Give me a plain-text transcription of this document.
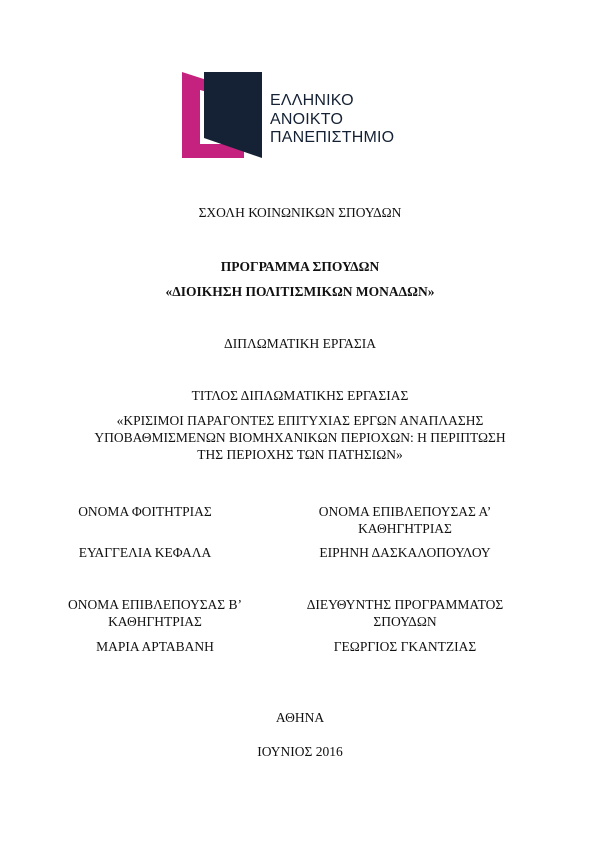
ΕΛΛΗΝΙΚΟ
ΑΝΟΙΚΤΟ
ΠΑΝΕΠΙΣΤΗΜΙΟ
ΣΧΟΛΗ ΚΟΙΝΩΝΙΚΩΝ ΣΠΟΥΔΩΝ
ΠΡΟΓΡΑΜΜΑ ΣΠΟΥΔΩΝ
«ΔΙΟΙΚΗΣΗ ΠΟΛΙΤΙΣΜΙΚΩΝ ΜΟΝΑΔΩΝ»
ΔΙΠΛΩΜΑΤΙΚΗ ΕΡΓΑΣΙΑ
ΤΙΤΛΟΣ ΔΙΠΛΩΜΑΤΙΚΗΣ ΕΡΓΑΣΙΑΣ
«ΚΡΙΣΙΜΟΙ ΠΑΡΑΓΟΝΤΕΣ ΕΠΙΤΥΧΙΑΣ ΕΡΓΩΝ ΑΝΑΠΛΑΣΗΣ
ΥΠΟΒΑΘΜΙΣΜΕΝΩΝ ΒΙΟΜΗΧΑΝΙΚΩΝ ΠΕΡΙΟΧΩΝ: Η ΠΕΡΙΠΤΩΣΗ
ΤΗΣ ΠΕΡΙΟΧΗΣ ΤΩΝ ΠΑΤΗΣΙΩΝ»
ΟΝΟΜΑ ΦΟΙΤΗΤΡΙΑΣ
ΕΥΑΓΓΕΛΙΑ ΚΕΦΑΛΑ
ΟΝΟΜΑ ΕΠΙΒΛΕΠΟΥΣΑΣ Β’
ΚΑΘΗΓΗΤΡΙΑΣ
ΜΑΡΙΑ ΑΡΤΑΒΑΝΗ
ΟΝΟΜΑ ΕΠΙΒΛΕΠΟΥΣΑΣ Α’
ΚΑΘΗΓΗΤΡΙΑΣ
ΕΙΡΗΝΗ ΔΑΣΚΑΛΟΠΟΥΛΟΥ
ΔΙΕΥΘΥΝΤΗΣ ΠΡΟΓΡΑΜΜΑΤΟΣ
ΣΠΟΥΔΩΝ
ΓΕΩΡΓΙΟΣ ΓΚΑΝΤΖΙΑΣ
ΑΘΗΝΑ
ΙΟΥΝΙΟΣ 2016
